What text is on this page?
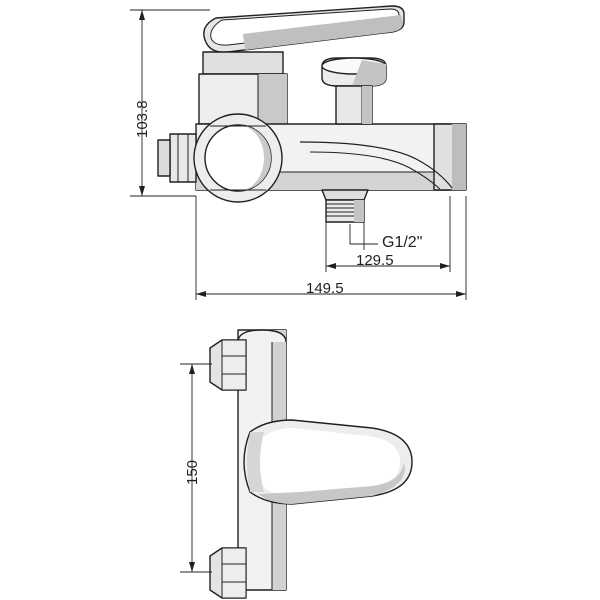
103.8
G1/2"
129.5
149.5
150
